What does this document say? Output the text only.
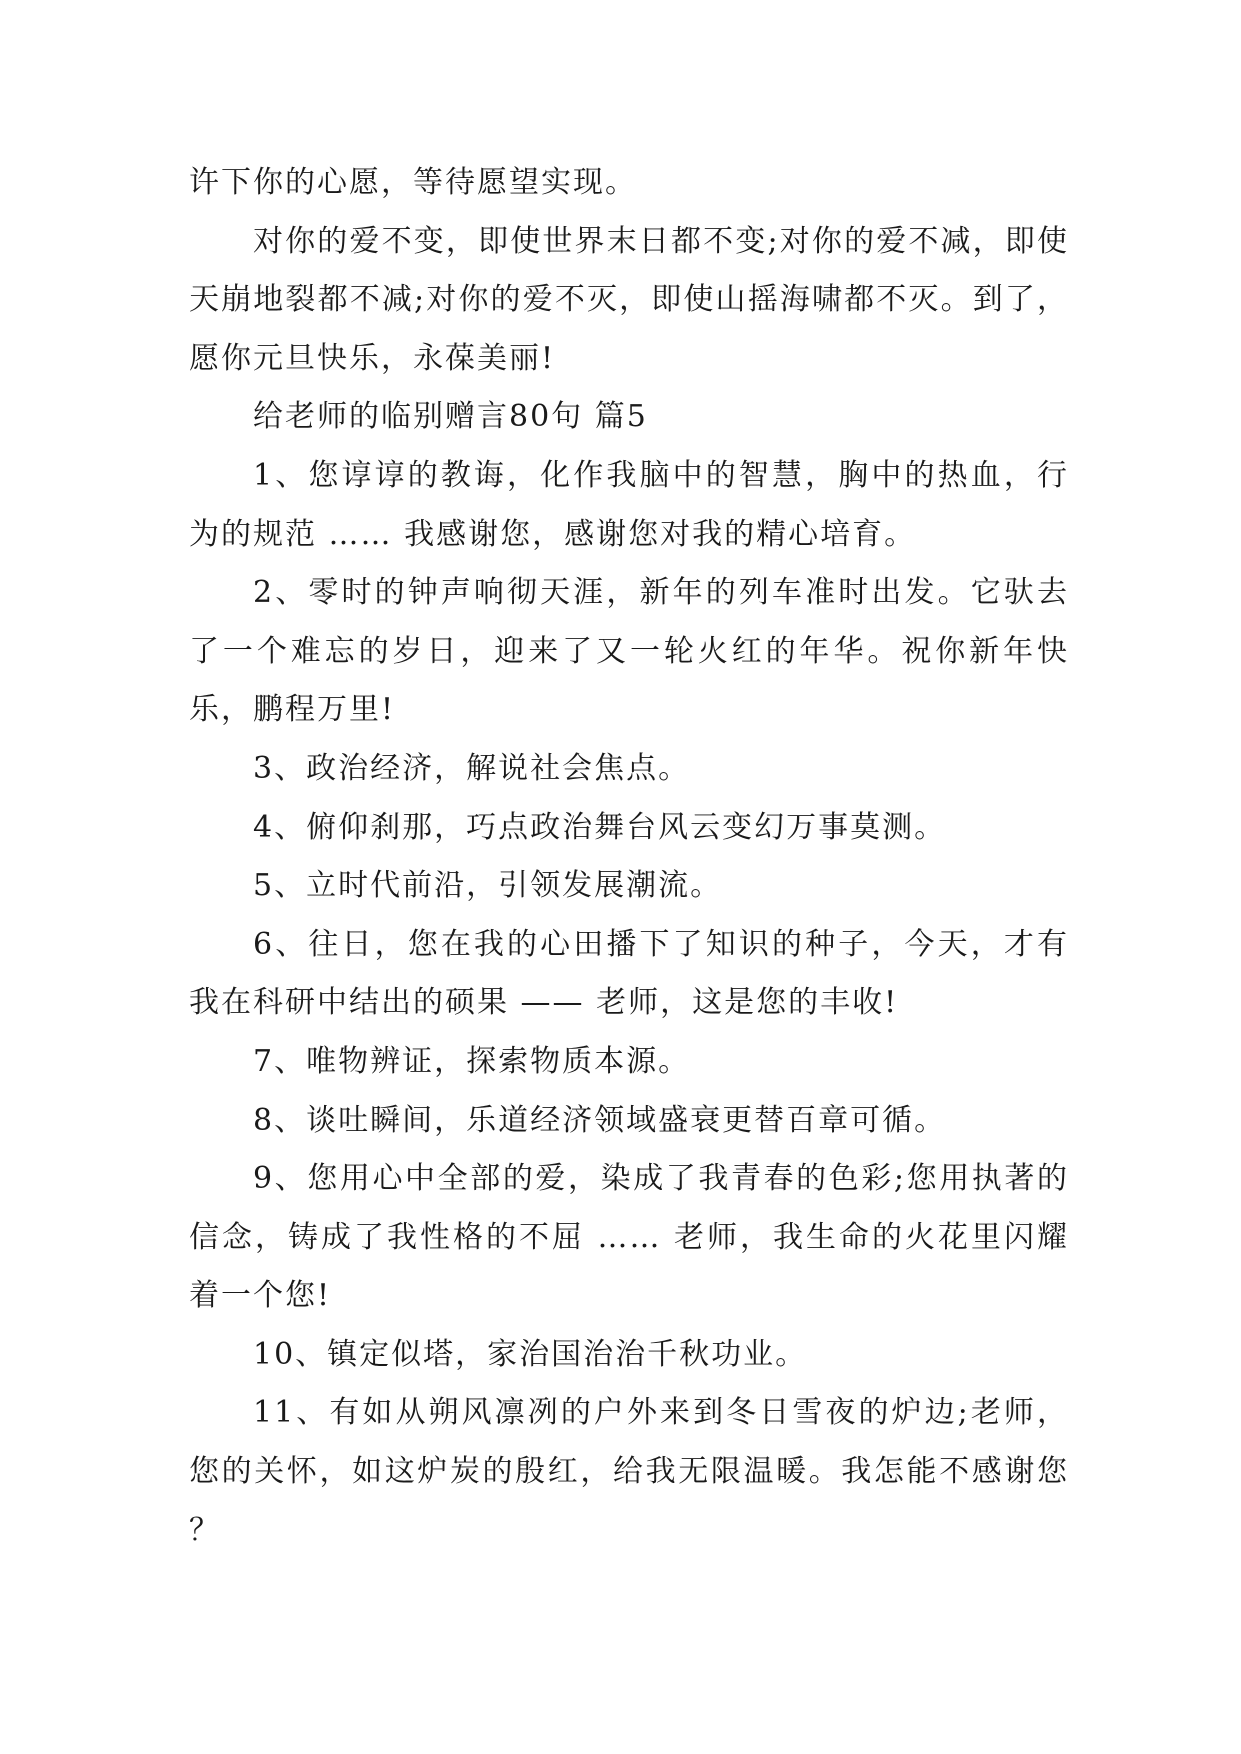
许下你的心愿，等待愿望实现。

对你的爱不变，即使世界末日都不变;对你的爱不减，即使天崩地裂都不减;对你的爱不灭，即使山摇海啸都不灭。到了，愿你元旦快乐，永葆美丽!

给老师的临别赠言80句 篇5

1、您谆谆的教诲，化作我脑中的智慧，胸中的热血，行为的规范 …… 我感谢您，感谢您对我的精心培育。

2、零时的钟声响彻天涯，新年的列车准时出发。它驮去了一个难忘的岁日，迎来了又一轮火红的年华。祝你新年快乐，鹏程万里!

3、政治经济，解说社会焦点。

4、俯仰刹那，巧点政治舞台风云变幻万事莫测。

5、立时代前沿，引领发展潮流。

6、往日，您在我的心田播下了知识的种子，今天，才有我在科研中结出的硕果 —— 老师，这是您的丰收!

7、唯物辨证，探索物质本源。

8、谈吐瞬间，乐道经济领域盛衰更替百章可循。

9、您用心中全部的爱，染成了我青春的色彩;您用执著的信念，铸成了我性格的不屈 …… 老师，我生命的火花里闪耀着一个您!

10、镇定似塔，家治国治治千秋功业。

11、有如从朔风凛冽的户外来到冬日雪夜的炉边;老师，您的关怀，如这炉炭的殷红，给我无限温暖。我怎能不感谢您 ？
